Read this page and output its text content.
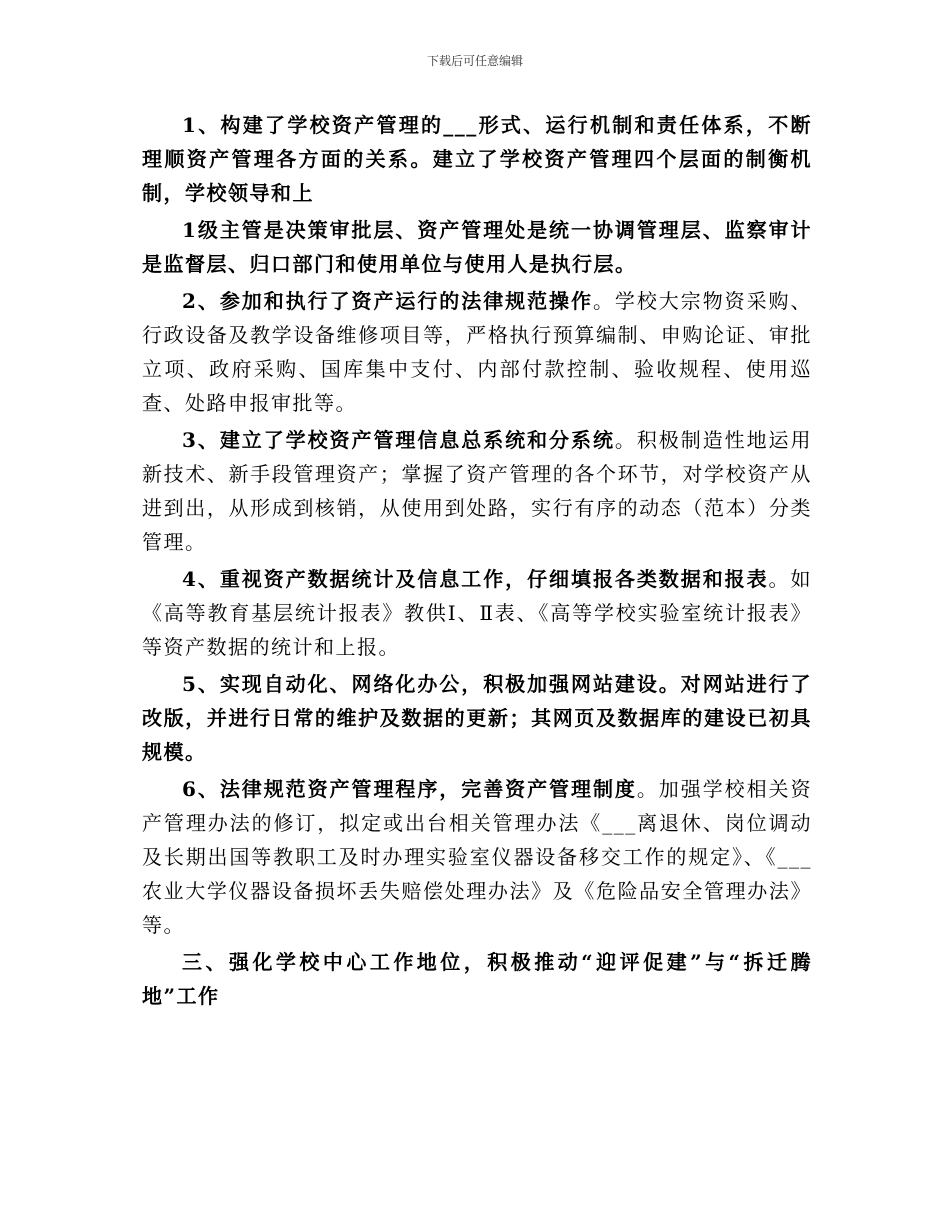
下载后可任意编辑

1、构建了学校资产管理的___形式、运行机制和责任体系，不断理顺资产管理各方面的关系。建立了学校资产管理四个层面的制衡机制，学校领导和上

1级主管是决策审批层、资产管理处是统一协调管理层、监察审计是监督层、归口部门和使用单位与使用人是执行层。

2、参加和执行了资产运行的法律规范操作。学校大宗物资采购、行政设备及教学设备维修项目等，严格执行预算编制、申购论证、审批立项、政府采购、国库集中支付、内部付款控制、验收规程、使用巡查、处路申报审批等。

3、建立了学校资产管理信息总系统和分系统。积极制造性地运用新技术、新手段管理资产；掌握了资产管理的各个环节，对学校资产从进到出，从形成到核销，从使用到处路，实行有序的动态（范本）分类管理。

4、重视资产数据统计及信息工作，仔细填报各类数据和报表。如《高等教育基层统计报表》教供Ⅰ、Ⅱ表、《高等学校实验室统计报表》等资产数据的统计和上报。

5、实现自动化、网络化办公，积极加强网站建设。对网站进行了改版，并进行日常的维护及数据的更新；其网页及数据库的建设已初具规模。

6、法律规范资产管理程序，完善资产管理制度。加强学校相关资产管理办法的修订，拟定或出台相关管理办法《___离退休、岗位调动及长期出国等教职工及时办理实验室仪器设备移交工作的规定》、《___农业大学仪器设备损坏丢失赔偿处理办法》及《危险品安全管理办法》等。

三、强化学校中心工作地位，积极推动“迎评促建”与“拆迁腾地”工作
